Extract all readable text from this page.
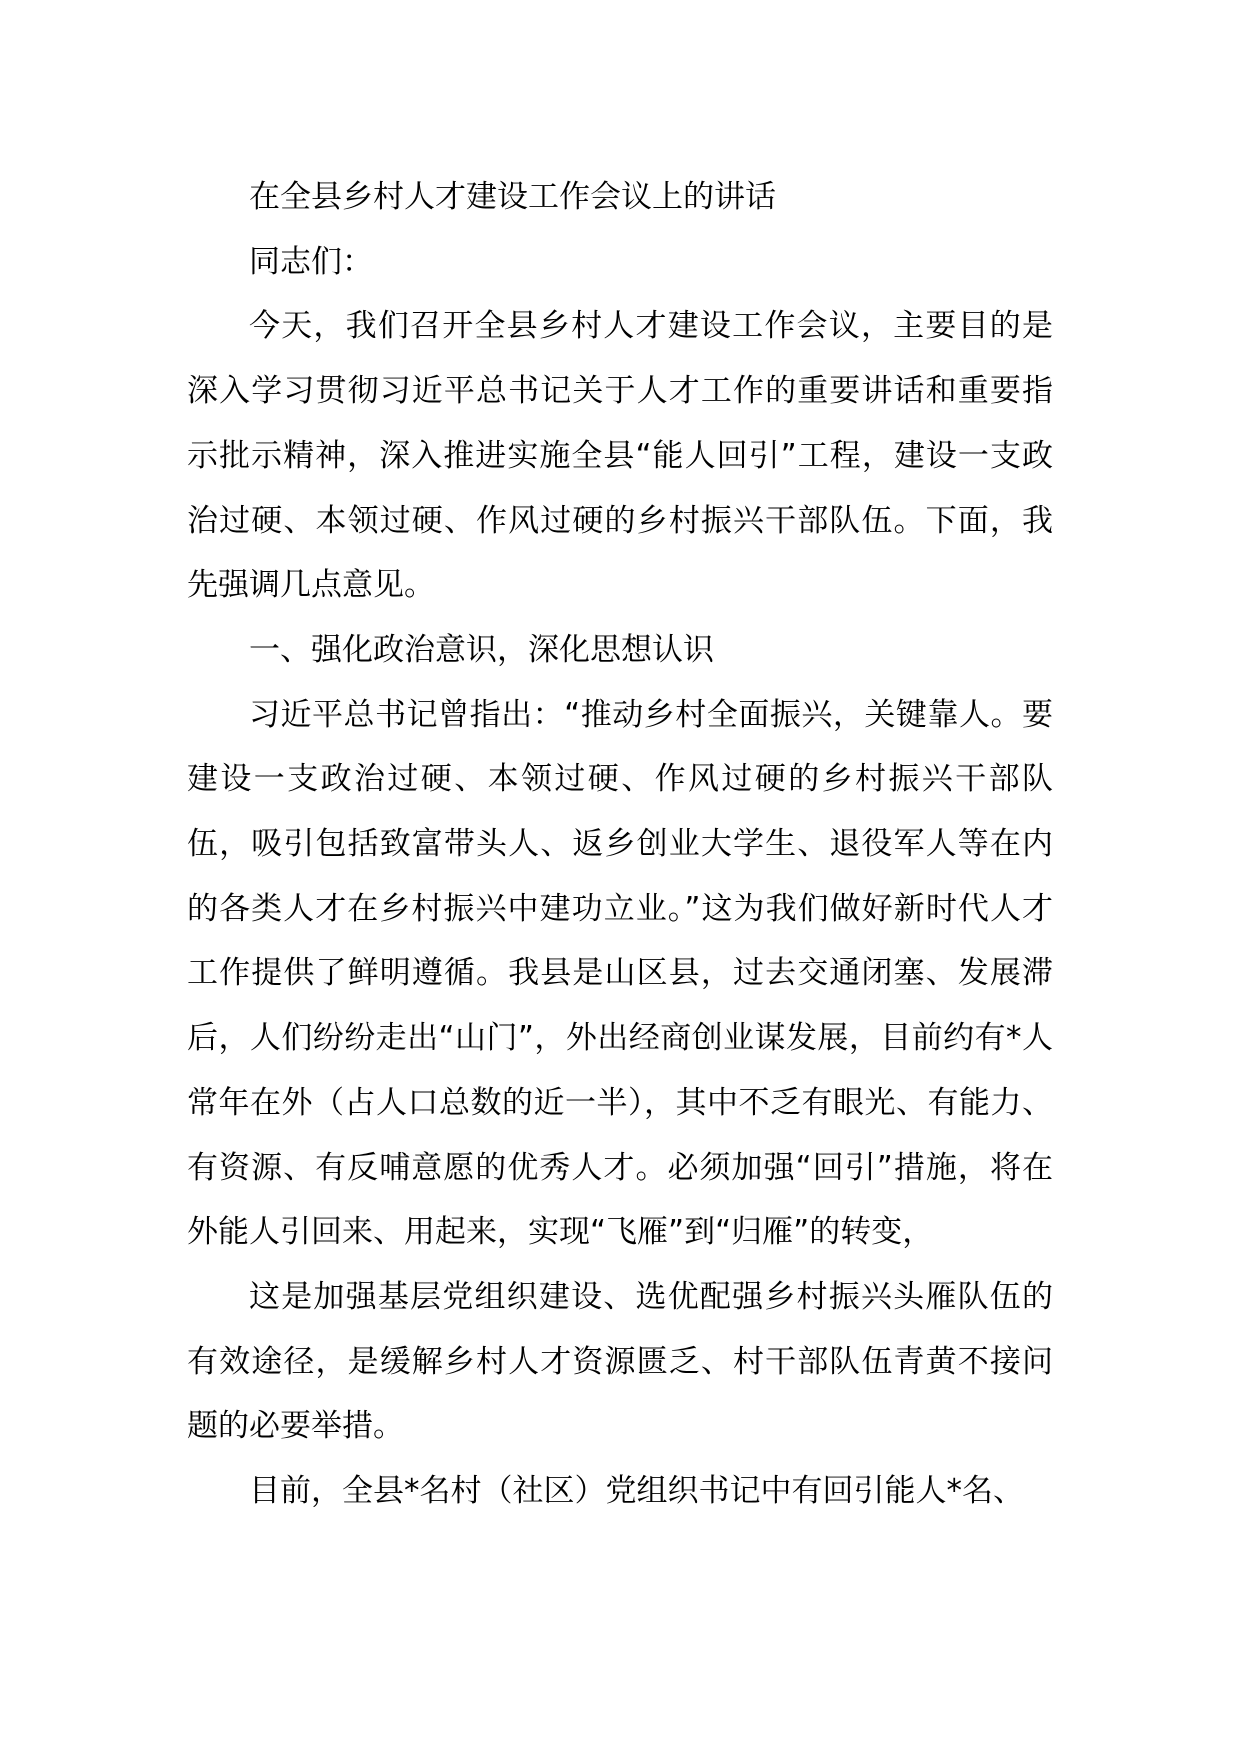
在全县乡村人才建设工作会议上的讲话

同志们：

今天，我们召开全县乡村人才建设工作会议，主要目的是深入学习贯彻习近平总书记关于人才工作的重要讲话和重要指示批示精神，深入推进实施全县“能人回引”工程，建设一支政治过硬、本领过硬、作风过硬的乡村振兴干部队伍。下面，我先强调几点意见。

一、强化政治意识，深化思想认识

习近平总书记曾指出：“推动乡村全面振兴，关键靠人。要建设一支政治过硬、本领过硬、作风过硬的乡村振兴干部队伍，吸引包括致富带头人、返乡创业大学生、退役军人等在内的各类人才在乡村振兴中建功立业。”这为我们做好新时代人才工作提供了鲜明遵循。我县是山区县，过去交通闭塞、发展滞后，人们纷纷走出“山门”，外出经商创业谋发展，目前约有*人常年在外（占人口总数的近一半），其中不乏有眼光、有能力、有资源、有反哺意愿的优秀人才。必须加强“回引”措施，将在外能人引回来、用起来，实现“飞雁”到“归雁”的转变，

这是加强基层党组织建设、选优配强乡村振兴头雁队伍的有效途径，是缓解乡村人才资源匮乏、村干部队伍青黄不接问题的必要举措。

目前，全县*名村（社区）党组织书记中有回引能人*名、
